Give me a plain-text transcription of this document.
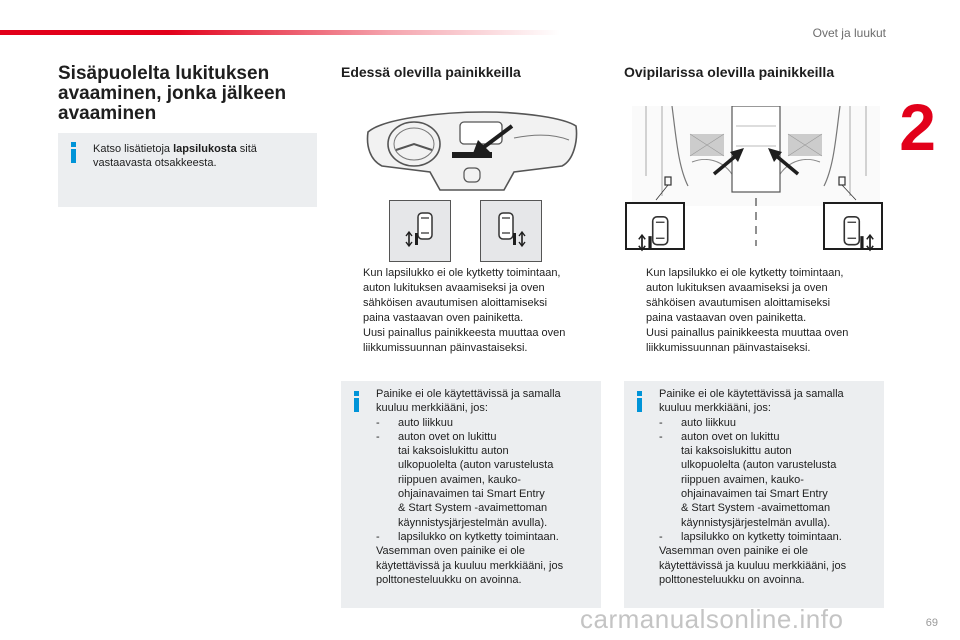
Ovet ja luukut
2
Sisäpuolelta lukituksen
avaaminen, jonka jälkeen
avaaminen
Katso lisätietoja lapsilukosta sitä
vastaavasta otsakkeesta.
Edessä olevilla painikkeilla
Kun lapsilukko ei ole kytketty toimintaan,
auton lukituksen avaamiseksi ja oven
sähköisen avautumisen aloittamiseksi
paina vastaavan oven painiketta.
Uusi painallus painikkeesta muuttaa oven
liikkumissuunnan päinvastaiseksi.
Painike ei ole käytettävissä ja samalla
kuuluu merkkiääni, jos:
- auto liikkuu
- auton ovet on lukittu
tai kaksoislukittu auton
ulkopuolelta (auton varustelusta
riippuen avaimen, kauko-
ohjainavaimen tai Smart Entry
& Start System -avaimettoman
käynnistysjärjestelmän avulla).
- lapsilukko on kytketty toimintaan.
Vasemman oven painike ei ole
käytettävissä ja kuuluu merkkiääni, jos
polttonesteluukku on avoinna.
Ovipilarissa olevilla painikkeilla
Kun lapsilukko ei ole kytketty toimintaan,
auton lukituksen avaamiseksi ja oven
sähköisen avautumisen aloittamiseksi
paina vastaavan oven painiketta.
Uusi painallus painikkeesta muuttaa oven
liikkumissuunnan päinvastaiseksi.
Painike ei ole käytettävissä ja samalla
kuuluu merkkiääni, jos:
- auto liikkuu
- auton ovet on lukittu
tai kaksoislukittu auton
ulkopuolelta (auton varustelusta
riippuen avaimen, kauko-
ohjainavaimen tai Smart Entry
& Start System -avaimettoman
käynnistysjärjestelmän avulla).
- lapsilukko on kytketty toimintaan.
Vasemman oven painike ei ole
käytettävissä ja kuuluu merkkiääni, jos
polttonesteluukku on avoinna.
carmanualsonline.info	69
